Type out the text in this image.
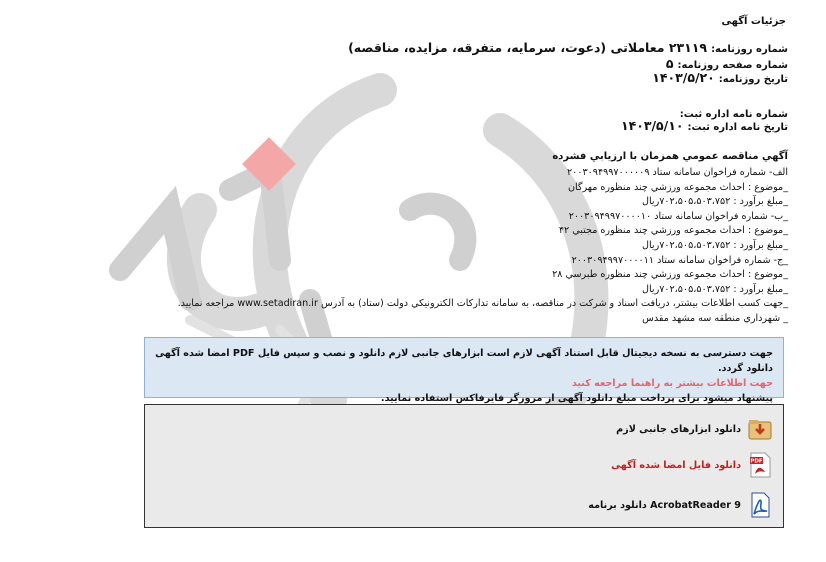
جزئیات آگهی
شماره روزنامه:۲۳۱۱۹ معاملاتی (دعوت، سرمایه، متفرقه، مزایده، مناقصه)
شماره صفحه روزنامه:۵
تاریخ روزنامه:۱۴۰۳/۵/۲۰
شماره نامه اداره ثبت:
تاریخ نامه اداره ثبت:۱۴۰۳/۵/۱۰
آگهي مناقصه عمومي همزمان با ارزيابي فشرده
الف- شماره فراخوان سامانه ستاد ۲۰۰۳۰۹۴۹۹۷۰۰۰۰۰۹
_موضوع : احداث مجموعه ورزشي چند منظوره مهرگان
_مبلغ برآورد : ۷۰۲،۵۰۵،۵۰۳،۷۵۲ريال
_ب- شماره فراخوان سامانه ستاد ۲۰۰۳۰۹۴۹۹۷۰۰۰۰۱۰
_موضوع : احداث مجموعه ورزشي چند منظوره مجتبي ۴۲
_مبلغ برآورد : ۷۰۲،۵۰۵،۵۰۳،۷۵۲ريال
_ج- شماره فراخوان سامانه ستاد ۲۰۰۳۰۹۴۹۹۷۰۰۰۰۱۱
_موضوع : احداث مجموعه ورزشي چند منظوره طبرسي ۲۸
_مبلغ برآورد : ۷۰۲،۵۰۵،۵۰۳،۷۵۲ريال
_جهت كسب اطلاعات بيشتر، دريافت اسناد و شركت در مناقصه، به سامانه تداركات الكترونيكي دولت (ستاد) به آدرس www.setadiran.ir مراجعه نماييد.
_ شهرداري منطقه سه مشهد مقدس
جهت دسترسی به نسخه دیجیتال قابل استناد آگهی لازم است ابزارهای جانبی لازم دانلود و نصب و سپس فایل PDF امضا شده آگهی دانلود گردد.
جهت اطلاعات بیشتر به راهنما مراجعه کنید
پیشنهاد میشود برای پرداخت مبلغ دانلود آگهی از مرورگر فایرفاکس استفاده نمایید.
دانلود ابزارهای جانبی لازم
PDF
دانلود فایل امضا شده آگهی
دانلود برنامه AcrobatReader 9
